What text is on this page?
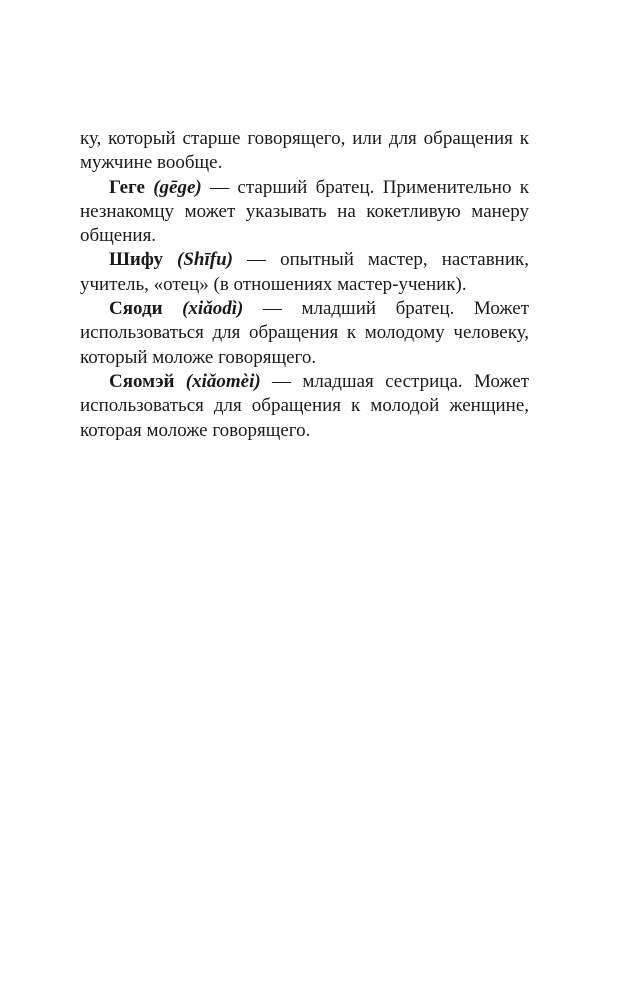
ку, который старше говорящего, или для обращения к мужчине вообще.

Геге (gēge) — старший братец. Применительно к незнакомцу может указывать на кокетливую манеру общения.

Шифу (Shīfu) — опытный мастер, наставник, учитель, «отец» (в отношениях мастер-ученик).

Сяоди (xiǎodì) — младший братец. Может использоваться для обращения к молодому человеку, который моложе говорящего.

Сяомэй (xiǎomèi) — младшая сестрица. Может использоваться для обращения к молодой женщине, которая моложе говорящего.
